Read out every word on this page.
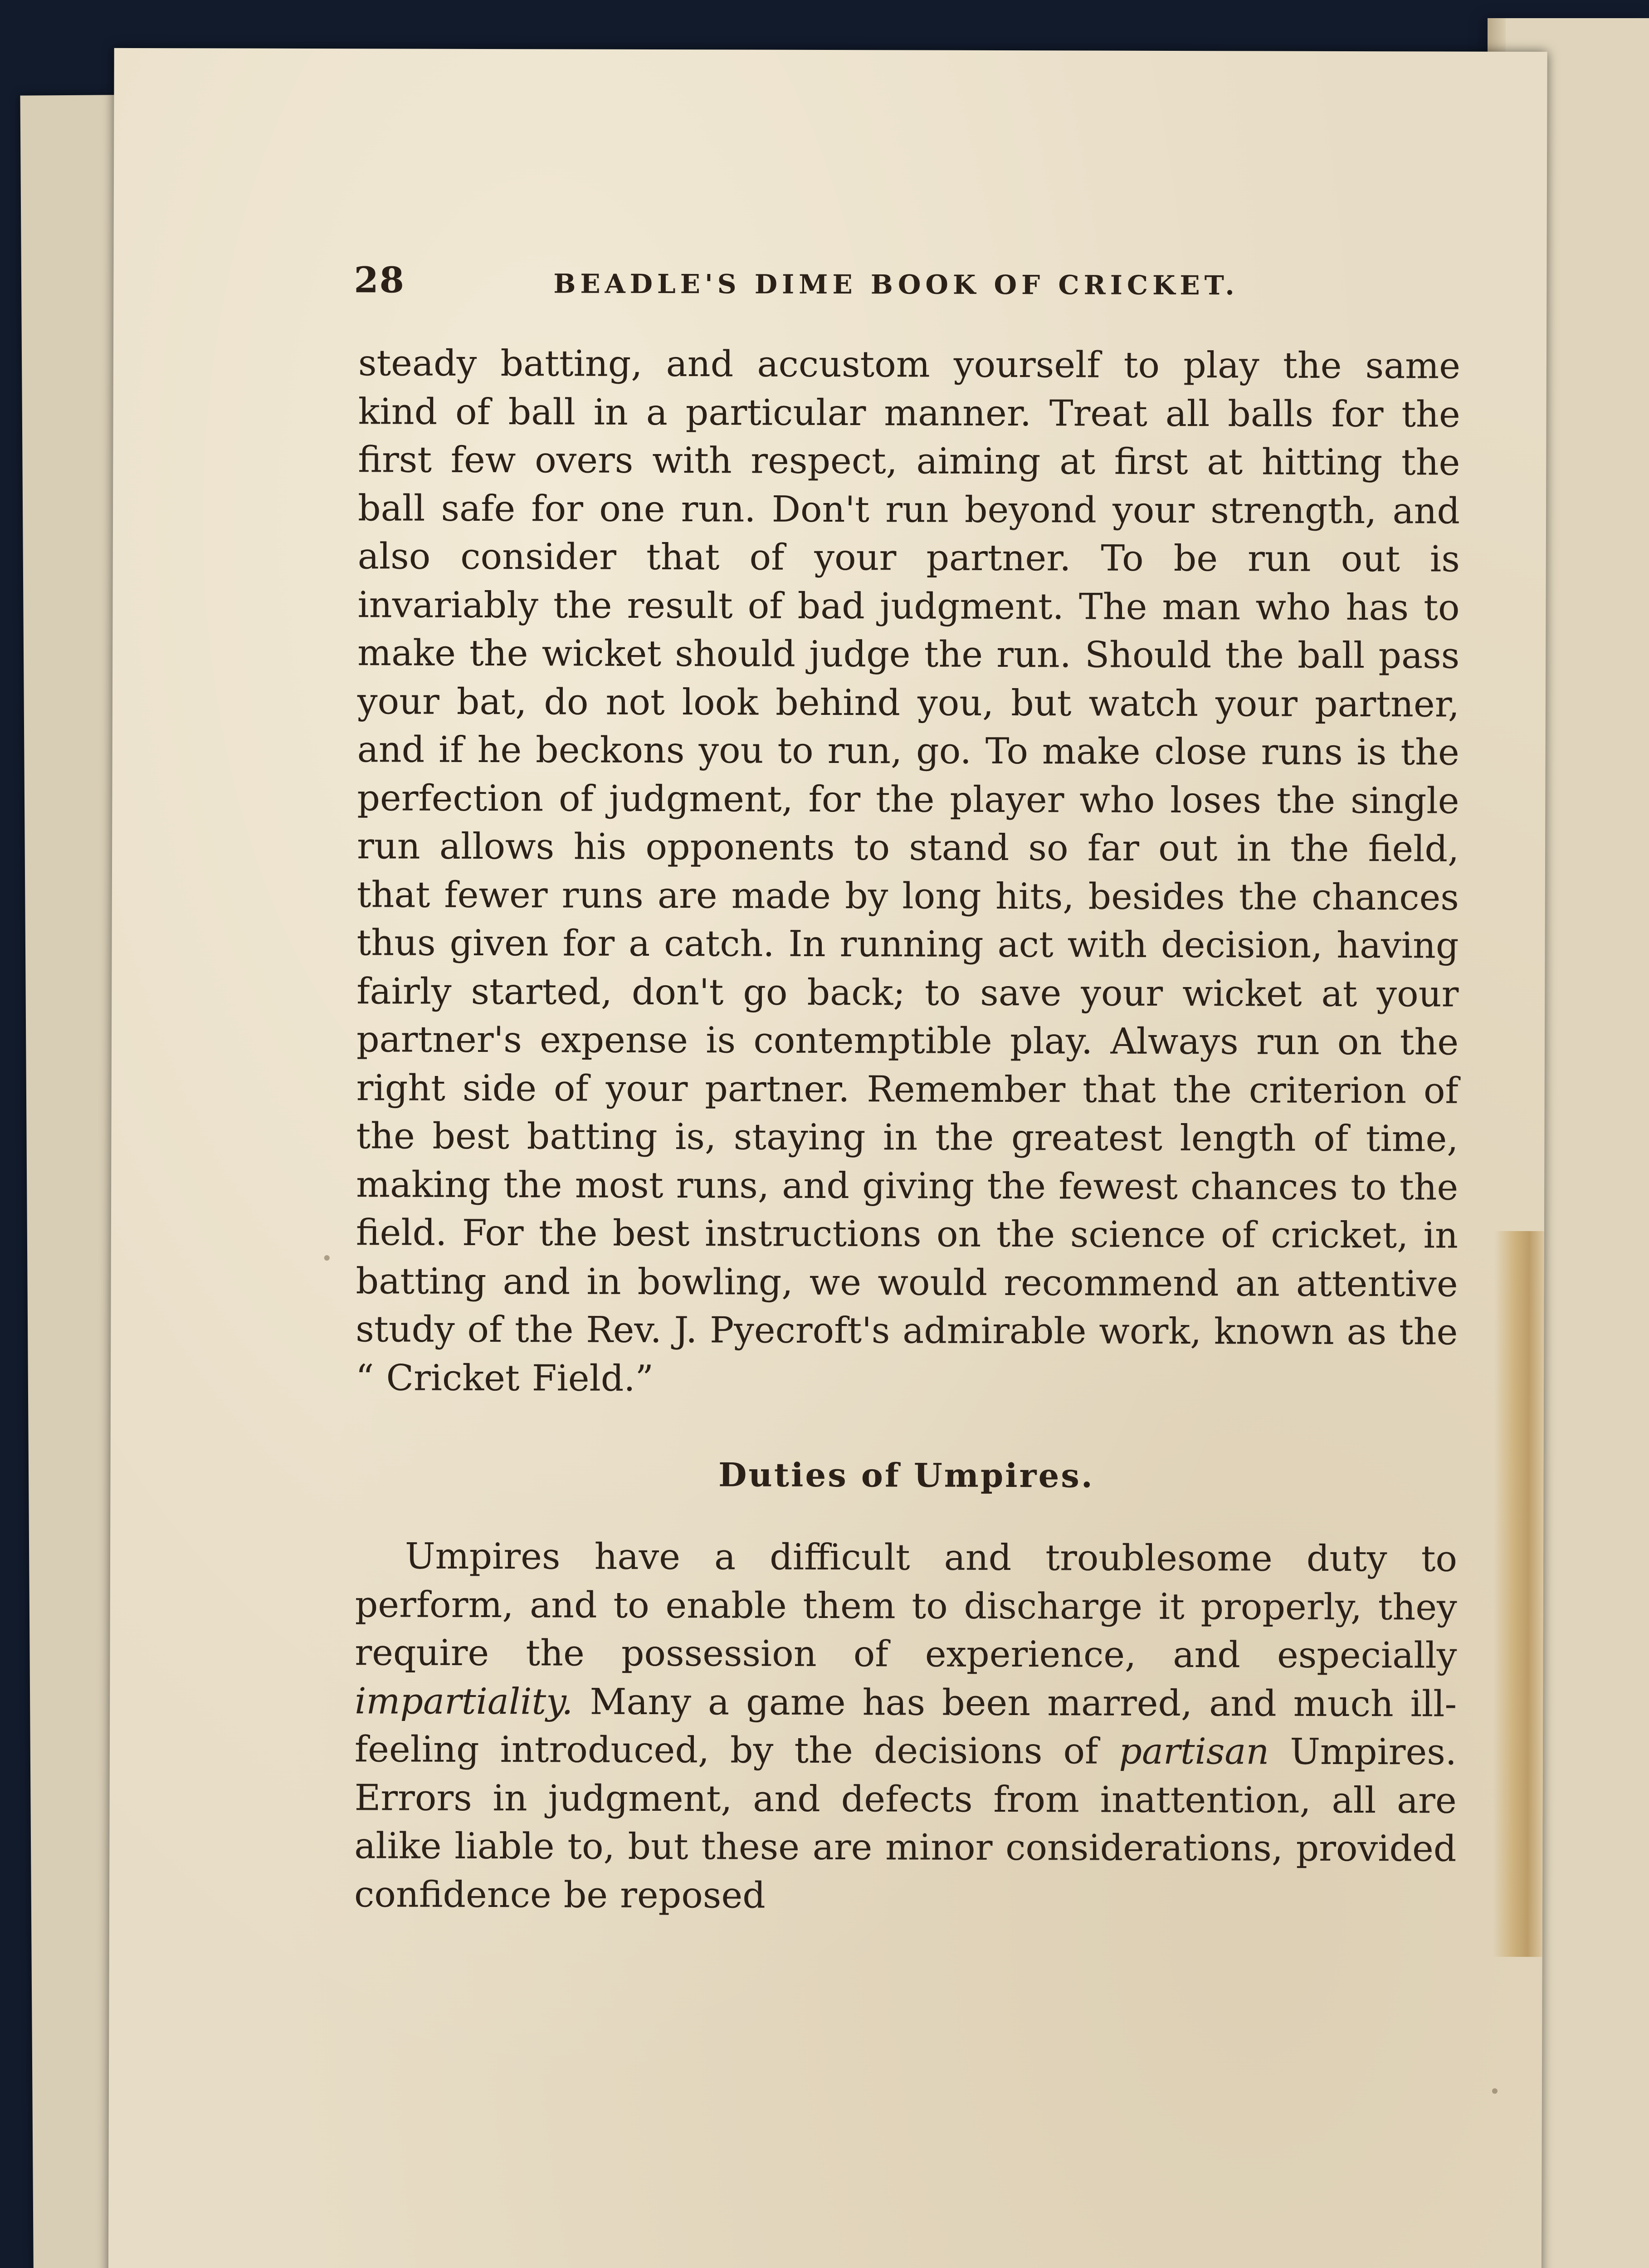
28	BEADLE'S DIME BOOK OF CRICKET.

steady batting, and accustom yourself to play the same kind of ball in a particular manner. Treat all balls for the first few overs with respect, aiming at first at hitting the ball safe for one run. Don't run beyond your strength, and also consider that of your partner. To be run out is invariably the result of bad judgment. The man who has to make the wicket should judge the run. Should the ball pass your bat, do not look behind you, but watch your partner, and if he beckons you to run, go. To make close runs is the perfection of judgment, for the player who loses the single run allows his opponents to stand so far out in the field, that fewer runs are made by long hits, besides the chances thus given for a catch. In running act with decision, having fairly started, don't go back; to save your wicket at your partner's expense is contemptible play. Always run on the right side of your partner. Remember that the criterion of the best batting is, staying in the greatest length of time, making the most runs, and giving the fewest chances to the field. For the best instructions on the science of cricket, in batting and in bowling, we would recommend an attentive study of the Rev. J. Pyecroft's admirable work, known as the “ Cricket Field.”

Duties of Umpires.

Umpires have a difficult and troublesome duty to perform, and to enable them to discharge it properly, they require the possession of experience, and especially impartiality. Many a game has been marred, and much ill-feeling introduced, by the decisions of partisan Umpires. Errors in judgment, and defects from inattention, all are alike liable to, but these are minor considerations, provided confidence be reposed
